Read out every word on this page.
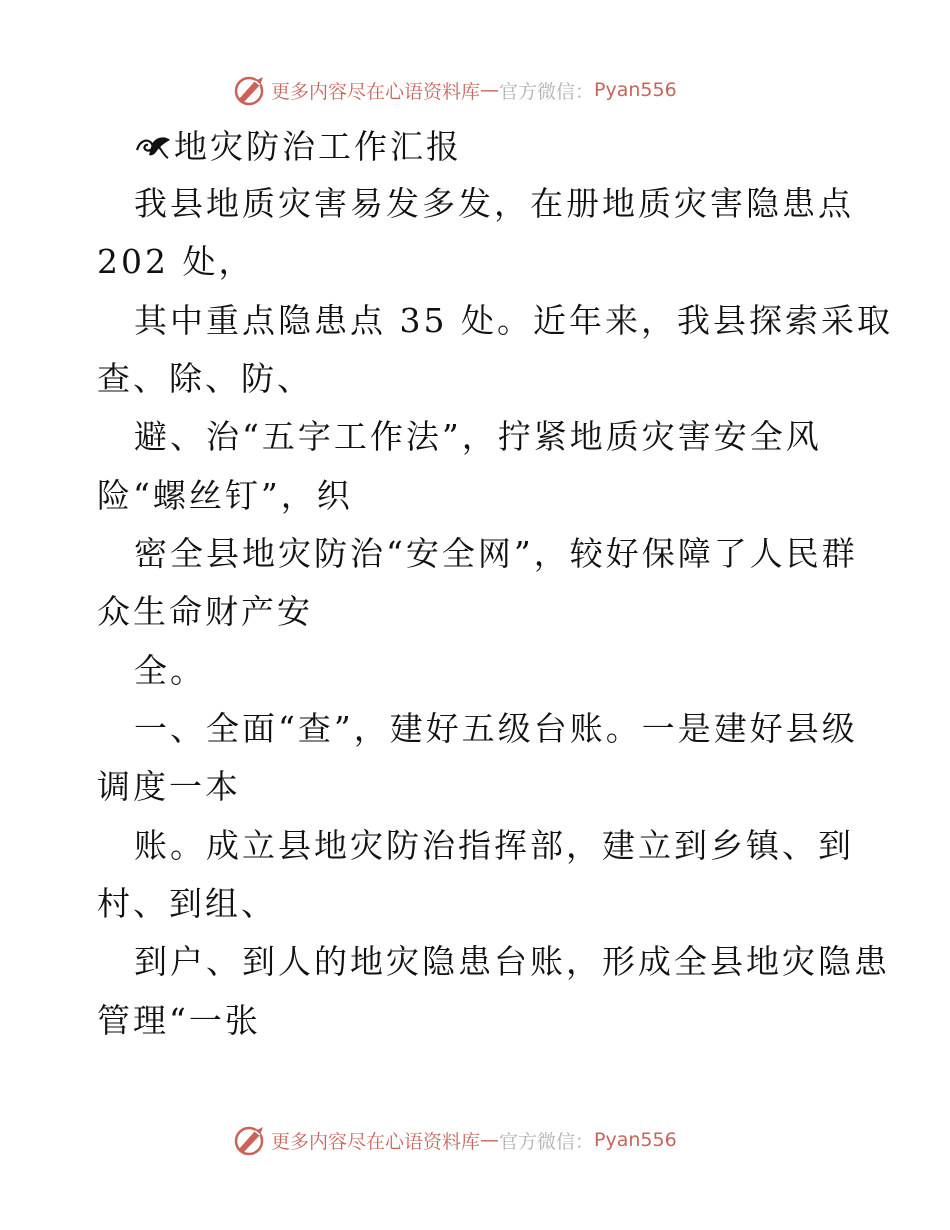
更多内容尽在心语资料库 — 官方微信： Pyan556
地灾防治工作汇报
我县地质灾害易发多发，在册地质灾害隐患点
202 处，
其中重点隐患点 35 处。近年来，我县探索采取
查、除、防、
避、治“五字工作法”，拧紧地质灾害安全风
险“螺丝钉”，织
密全县地灾防治“安全网”，较好保障了人民群
众生命财产安
全。
一、全面“查”，建好五级台账。一是建好县级
调度一本
账。成立县地灾防治指挥部，建立到乡镇、到
村、到组、
到户、到人的地灾隐患台账，形成全县地灾隐患
管理“一张
更多内容尽在心语资料库 — 官方微信： Pyan556
